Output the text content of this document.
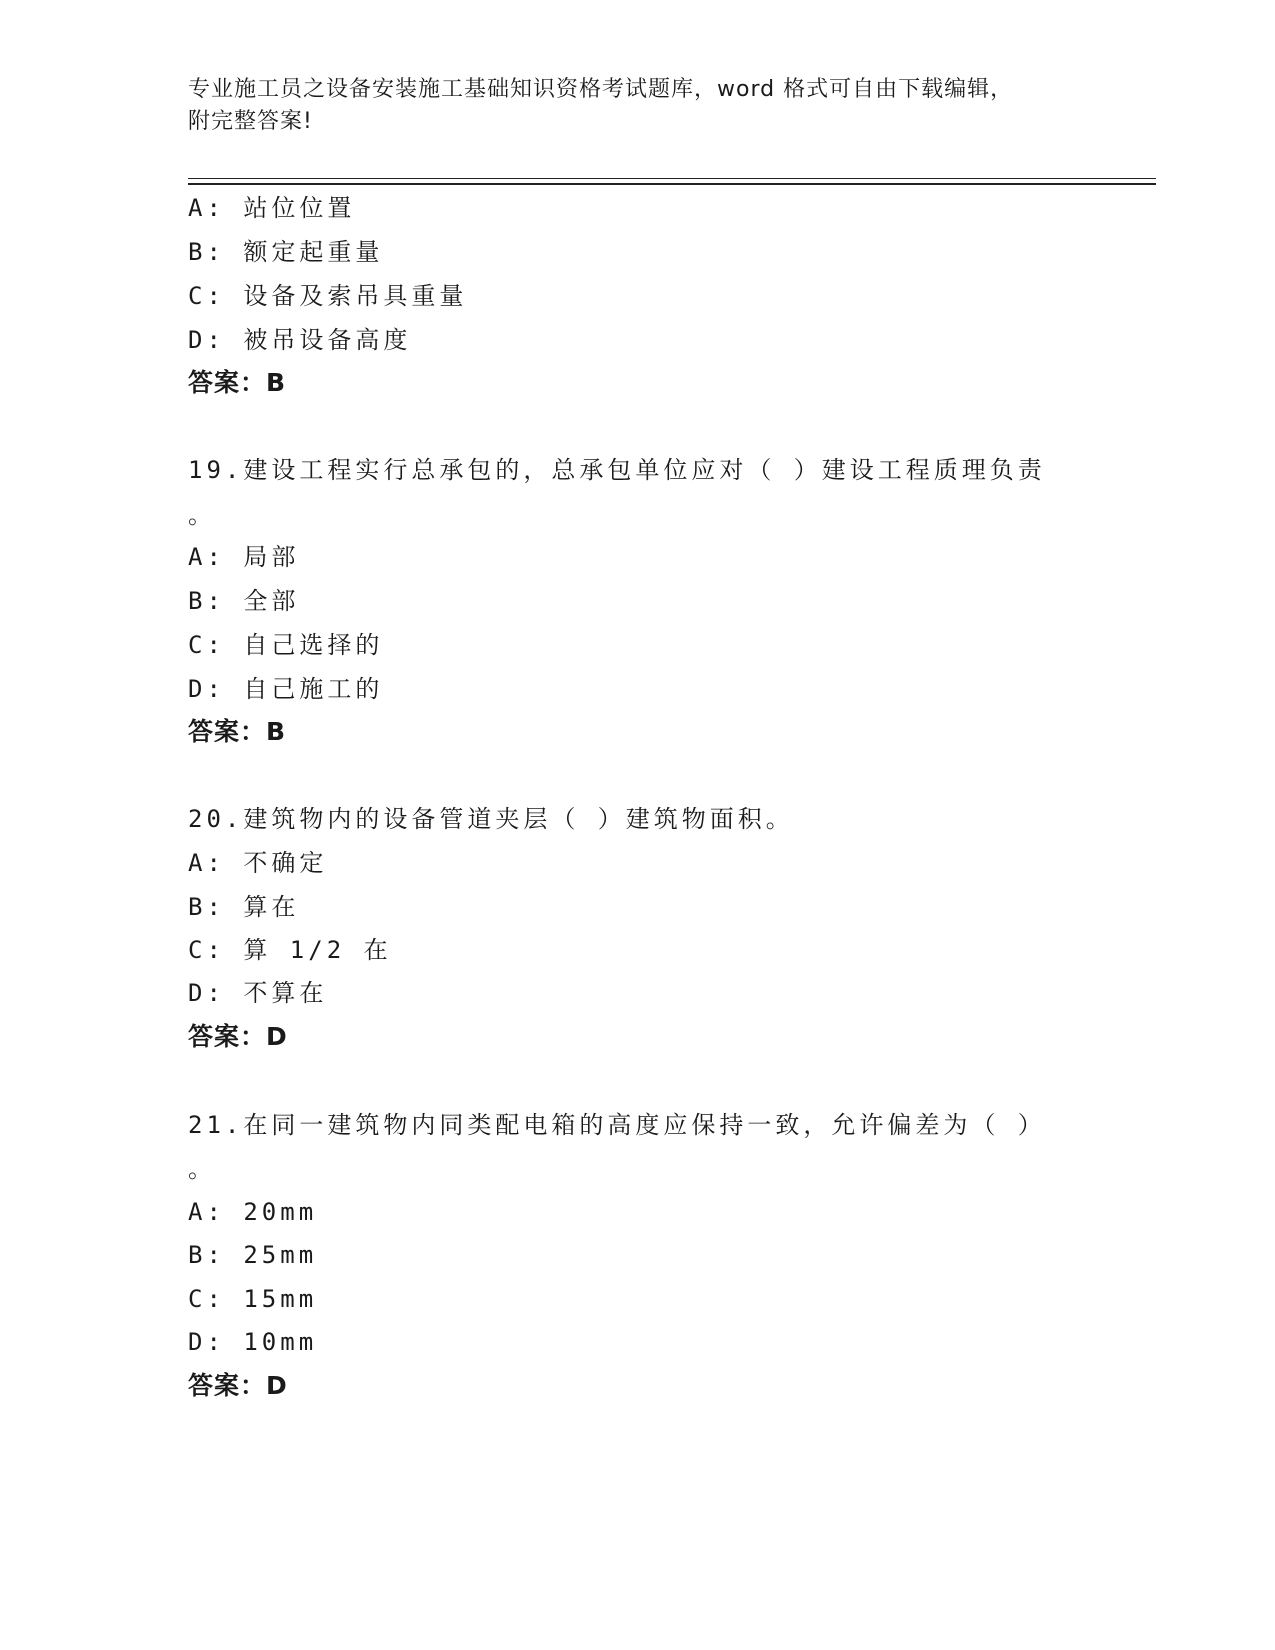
专业施工员之设备安装施工基础知识资格考试题库，word 格式可自由下载编辑，
附完整答案!
A: 站位位置
B: 额定起重量
C: 设备及索吊具重量
D: 被吊设备高度
答案：B
19.建设工程实行总承包的，总承包单位应对（ ）建设工程质理负责
。
A: 局部
B: 全部
C: 自己选择的
D: 自己施工的
答案：B
20.建筑物内的设备管道夹层（ ）建筑物面积。
A: 不确定
B: 算在
C: 算 1/2 在
D: 不算在
答案：D
21.在同一建筑物内同类配电箱的高度应保持一致，允许偏差为（ ）
。
A: 20mm
B: 25mm
C: 15mm
D: 10mm
答案：D
